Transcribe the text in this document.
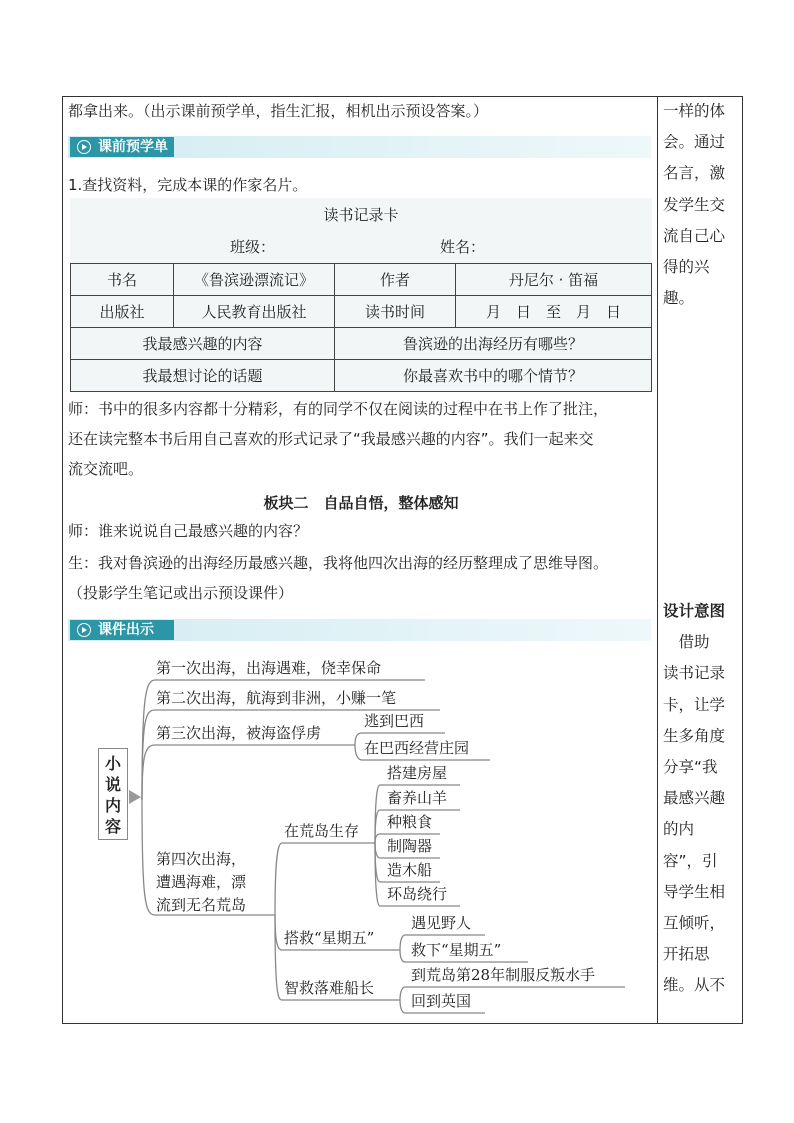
都拿出来。（出示课前预学单，指生汇报，相机出示预设答案。）

课前预学单

1.查找资料，完成本课的作家名片。

读书记录卡
班级：	姓名：
书名	《鲁滨逊漂流记》	作者	丹尼尔 · 笛福
出版社	人民教育出版社	读书时间	月　日　至　月　日
我最感兴趣的内容		鲁滨逊的出海经历有哪些？	
我最想讨论的话题		你最喜欢书中的哪个情节？	

师：书中的很多内容都十分精彩，有的同学不仅在阅读的过程中在书上作了批注，

还在读完整本书后用自己喜欢的形式记录了“我最感兴趣的内容”。我们一起来交

流交流吧。

板块二　自品自悟，整体感知

师：谁来说说自己最感兴趣的内容？

生：我对鲁滨逊的出海经历最感兴趣，我将他四次出海的经历整理成了思维导图。

（投影学生笔记或出示预设课件）

课件出示
小说内容
第一次出海，出海遇难，侥幸保命
第二次出海，航海到非洲，小赚一笔
第三次出海，被海盗俘虏
逃到巴西
在巴西经营庄园
第四次出海，
遭遇海难，漂
流到无名荒岛
在荒岛生存
搭建房屋
畜养山羊
种粮食
制陶器
造木船
环岛绕行
搭救“星期五”
遇见野人
救下“星期五”
智救落难船长
到荒岛第28年制服反叛水手
回到英国
一样的体
会。通过
名言，激
发学生交
流自己心
得的兴
趣。
设计意图
　借助
读书记录
卡，让学
生多角度
分享“我
最感兴趣
的内
容”，引
导学生相
互倾听，
开拓思
维。从不
